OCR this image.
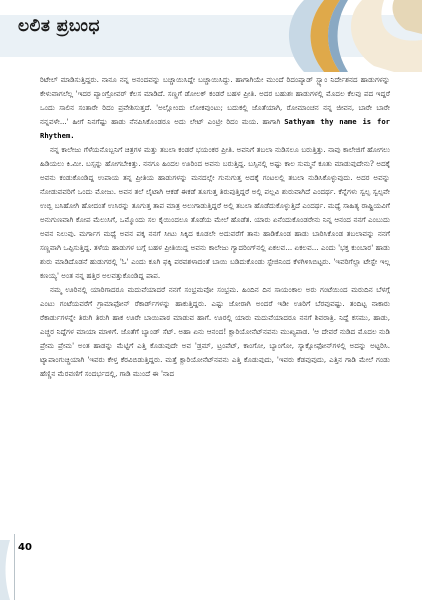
ಲಲಿತ ಪ್ರಬಂಧ

ರಿಟೇಲ್ ಮಾಡಿಸುತ್ತಿದ್ದರು. ನಾನೂ ನನ್ನ ಅನಂದವನ್ನು ಬಚ್ಚಾಯಿಸಿದ್ದೇ ಬಚ್ಚಾಯಿಸಿದ್ದು. ಹಾಗಾಗಿಯೇ ಮುಂದೆ ರಿದಂಪ್ಯಾಡ್ ಸ್ಟ್ಯಾಂ ನಿರ್ದೇಶನದ ಹಾಡುಗಳನ್ನು ಕೇಳುವಾಗಲೆಲ್ಲ 'ಇದರ ಪ್ಯಾಂಗ್ರೋವರ್ ಕೆಲಸ ಮಾಡಿದೆ. ಸಣ್ಣಗೆ ಡೋಲಕ್ ಕಂಡರೆ ಬಹಳ ಪ್ರೀತಿ. ಅದರ ಬಹುಶಃ ಹಾಡುಗಳಲ್ಲಿ ಮೊದಲ ಕೆಲವು ಪದ ಇದ್ದರೆ ಒಂದು ಸಾಲಿನ ಸಂತಾರೇ ರಿದಂ ಪ್ರವೇಶಿಸುತ್ತದೆ. 'ಅಲ್ಲೋಂದು ಲೋಕವುಂಟು; ಬದುಕಲ್ಲಿ ಜೊತೆಯಾಗಿ, ರೋಮಾಂಚನ ನನ್ನ ಜೀವನ, ಬಾರೇ ಬಾರೇ ನನ್ನವಳೇ...' ಹೀಗೆ ನಿನಗೆಷ್ಟು ಹಾಡು ನೆನಪಿಸಿಕೊಂಡರೂ ಅದು ಲೇಟ್ ಎಂಟ್ರೀ ರಿದಂ ಮಯ. ಹಾಗಾಗಿ Sathyam thy name is for Rhythem.

ನನ್ನ ಕಾಲೇಜು ಗೆಳೆಯನೊಬ್ಬನಿಗೆ ಚಿತ್ರಗಳ ಮತ್ತು ತಬಲಾ ಕಂಡರೆ ಭಯಂಕರ ಪ್ರೀತಿ. ಅವನಿಗೆ ತಬಲಾ ನುಡಿಸಲೂ ಬರುತ್ತಿತ್ತು. ನಾವು ಕಾಲೇಜಿಗೆ ಹೋಗಲು ಹಿಡಿಯಲು ಕಿ.ಮೀ. ಬಸ್ಸನ್ನು ಹೋಗಬೇಕಿತ್ತು. ನನಗೂ ಹಿಂದಲ ಊರಿಂದ ಅವನು ಬರುತ್ತಿದ್ದ. ಬಸ್ಸಿನಲ್ಲಿ ಅಷ್ಟು ಕಾಲ ಸುಮ್ಮನೆ ಕೂತು ಮಾಡುವುದೇನು? ಅದಕ್ಕೆ ಅವನು ಕಂಡುಕೊಂಡಿದ್ದ ಉಪಾಯ ತನ್ನ ಪ್ರೀತಿಯ ಹಾಡುಗಳನ್ನು ಮನದಲ್ಲೇ ಗುನುಗುತ್ತ ಅದಕ್ಕೆ ಗಂಟಲಲ್ಲಿ ತಬಲಾ ನುಡಿಸಿಕೊಳ್ಳುವುದು. ಅದರ ಅವನ್ನು ನೋಡುವವರಿಗೆ ಒಂದು ಮೋಜು. ಅವನ ತಲೆ ಲೈಟಾಗಿ ಆಕಡೆ ಈಕಡೆ ತೂಗುತ್ತ ತಿರುಪುತ್ತಿದ್ದರೆ ಅಲ್ಲಿ ಪಲ್ಲವಿ ಶುರುವಾಗಿದೆ ಎಂದರ್ಥ. ಕೆನ್ನೆಗಳು ಸ್ವಲ್ಪ ಸ್ವಲ್ಪವೇ ಉಬ್ಬಿ ಬಸಿಹೋಗಿ ಹೋದಂತೆ ಉಸಿರನ್ನು ತೂಗುತ್ತ ತಾಪ ಮಾತ್ರ ಅಲುಗಾಡುತ್ತಿದ್ದರೆ ಅಲ್ಲಿ ತಬಲಾ ಹೊಡೆದುಕೊಳ್ಳುತ್ತಿದೆ ಎಂದರ್ಥ. ಮಧ್ಯೆ ಸಾಹಿತ್ಯ ರಾಷ್ಟ್ರಿಯವಿಗೆ ಅನುಗುಣವಾಗಿ ಕೋಪ ಮೆಲುಸಿಗೆ, ಒಮ್ಮೊಂದು ಸಲ ಕೈಯಿಂದಲೂ ತೊಡೆಯ ಮೇಲೆ ಹೊಡೆತ. ಯಾರು ಏನೆಂದುಕೊಂಡರೇನು ನಿನ್ನ ಆನಂದ ನನಗೆ ಎಂಬುದು ಅವನ ನಿಲುವು. ಮರ್ಗಾಗ ಮಧ್ಯೆ ಅವನ ಪಕ್ಕ ನನಗೆ ಸೀಟು ಸಿಕ್ಕಿದ ಕೂಡಲೇ ಅದುವರೆಗೆ ತಾನು ಹಾಡಿಕೊಂಡ ಹಾಡು ಬಾರಿಸಿಕೊಂಡ ತಬಲಾವನ್ನು ನನಗೆ ಸಣ್ಣವಾಗಿ ಒಪ್ಪಿಸುತ್ತಿದ್ದ. ತಳೆಯ ಹಾಡುಗಳ ಬಗ್ಗೆ ಬಹಳ ಪ್ರೀತಿಯಿದ್ದ ಅವನು ಕಾಲೇಜು ಗ್ಯಾದರಿಂಗ್‌ನಲ್ಲಿ ಏಕಲವ... ಏಕಲವ... ಎಂದು 'ಭಕ್ತ ಕುಂಬಾರ' ಹಾಡು ಶುರು ಮಾಡಿದೊಡನೆ ಹುಡುಗರಲ್ಲಿ 'ಓ' ಎಂದು ಕೂಗಿ ಫಕ್ಕಿ ಪರವಶಳಾದಂತೆ ಬಾಯಿ ಬಡಿದುಕೊಂಡು ಸ್ಟೇಜಿನಿಂದ ಕೆಳಗಿಳಿಸಿಬಿಟ್ಟರು. 'ಇವರಿಗೆಲ್ಲಾ ಟೇಸ್ಟೇ ಇಲ್ಲ ಕಣಯ್ಯ' ಅಂತ ನನ್ನ ಹತ್ತಿರ ಅಲವತ್ತುಕೊಂಡಿದ್ದ ಪಾಪ.

ನಮ್ಮ ಊರಿನಲ್ಲಿ ಯಾರಿಗಾದರೂ ಮದುವೆಯಾದರೆ ನನಗೆ ಸಂಭ್ರಮವೋ ಸಂಭ್ರಮ. ಹಿಂದಿನ ದಿನ ಸಾಯಂಕಾಲ ಅರು ಗಂಟೆಯಿಂದ ಮರುದಿನ ಬೆಳಗ್ಗೆ ಎಂಟು ಗಂಟೆಯವರೆಗೆ ಗ್ರಾಮಾಫೋನ್ ರೆಕಾರ್ಡ್‌ಗಳನ್ನು ಹಾಕುತ್ತಿದ್ದರು. ಎಷ್ಟು ಜೋರಾಗಿ ಅಂದರೆ ಇಡೀ ಊರಿಗೆ ಬೆರವುವಷ್ಟು. ತಂದಿಟ್ಟ ನಾಕಾರು ರೆಕಾರ್ಡುಗಳನ್ನೇ ತಿರುಗಿ ತಿರುಗಿ ಹಾಕ ಊರೇ ಬಾಯಿಪಾಠ ಮಾಡುವ ಹಾಗೆ. ಊರಲ್ಲಿ ಯಾರು ಮದುವೆಯಾದರೂ ನನಗೆ ಶಿವರಾತ್ರಿ. ನಿದ್ದೆ ಕಸಮು, ಹಾಡು, ಎಚ್ಚರ ನಿದ್ದೆಗಳ ಮಾಯಾ ಮಾಳಿಗೆ. ಜೊತೆಗೆ ಬ್ಯಾಂಡ್ ಸೆಟ್. ಅಹಾ ಏನು ಆನಂದ! ಕ್ಲಾರಿಯೋನೆಟ್‌ನವನು ಮುಖ್ಯಪಾಡ. 'ಆ ದೇವರೆ ನುಡಿದ ಮೊದಲ ನುಡಿ ಪ್ರೇಮ ಪ್ರೇಮ' ಅಂತ ಹಾಡನ್ನು ಮೆಟ್ಟಿಗೆ ಎತ್ತಿ ಕೊಡುವುದೇ ಅವ 'ಡ್ರಮ್, ಟ್ರಂಪೆಟ್, ಕಾಂಗೋ, ಬ್ಯಾಂಗೋ, ಸ್ಯಾಕ್ಸೋಫೋನ್‌ಗಳಲ್ಲಿ ಅದನ್ನು ಅಟ್ಟರಿಸಿ. ಟ್ಯಾಪಾಂಗುಚ್ಚಿಯಾಗಿ 'ಇವರು ಕೇಳ್ತ ಕೆರವಿಬಿಡುತ್ತಿದ್ದರು. ಮತ್ತೆ ಕ್ಲಾರಿಯೋನೆಟ್‌ನವನು ಎತ್ತಿ ಕೊಡುವುದು, 'ಇವರು ಕೆಡವುವುದು, ಎತ್ತಿನ ಗಾಡಿ ಮೇಲೆ ಗಂಡು ಹೆಣ್ಣಿನ ಮೆರವಣಿಗೆ ಸಂದರ್ಭದಲ್ಲಿ, ಗಾಡಿ ಮುಂದೆ ಈ 'ನಾದ

40
